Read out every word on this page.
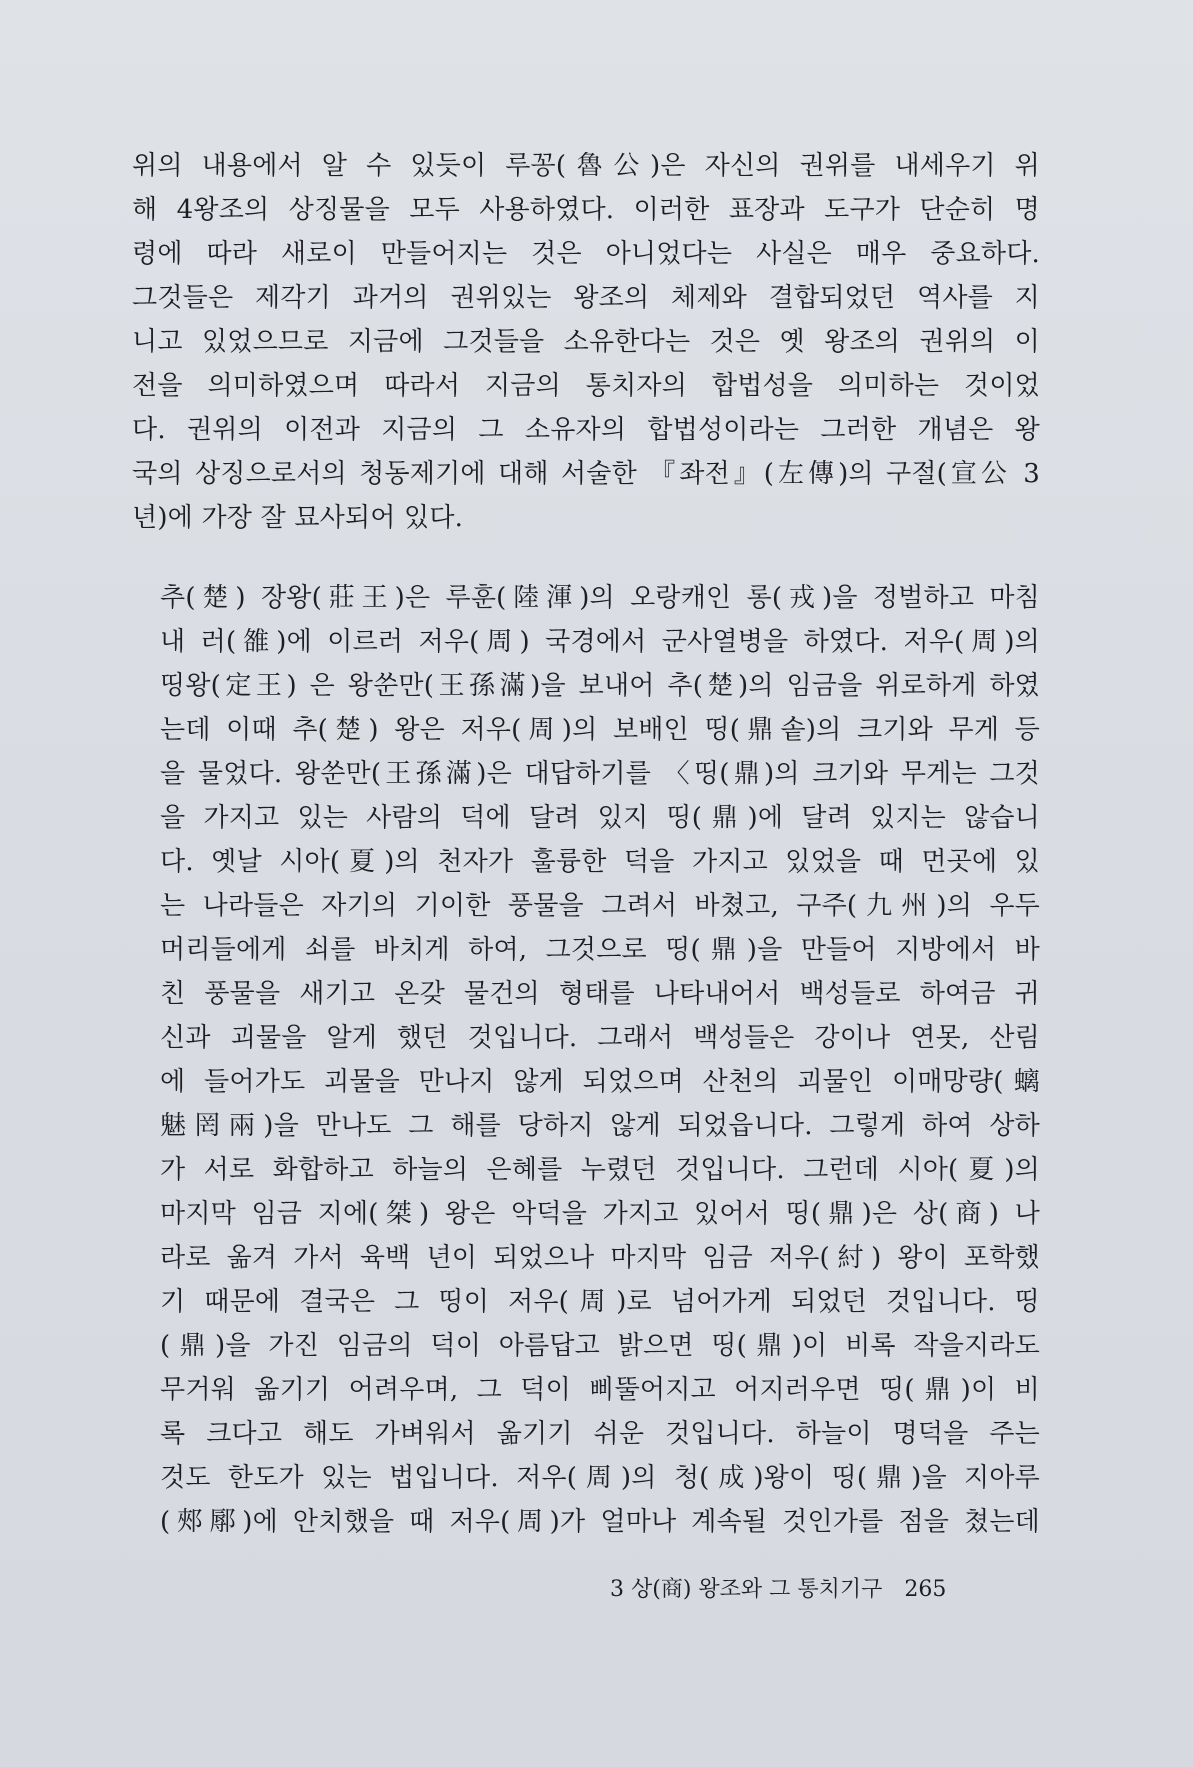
위의 내용에서 알 수 있듯이 루꽁(魯公)은 자신의 권위를 내세우기 위
해 4왕조의 상징물을 모두 사용하였다. 이러한 표장과 도구가 단순히 명
령에 따라 새로이 만들어지는 것은 아니었다는 사실은 매우 중요하다.
그것들은 제각기 과거의 권위있는 왕조의 체제와 결합되었던 역사를 지
니고 있었으므로 지금에 그것들을 소유한다는 것은 옛 왕조의 권위의 이
전을 의미하였으며 따라서 지금의 통치자의 합법성을 의미하는 것이었
다. 권위의 이전과 지금의 그 소유자의 합법성이라는 그러한 개념은 왕
국의 상징으로서의 청동제기에 대해 서술한 『좌전』(左傳)의 구절(宣公 3
년)에 가장 잘 묘사되어 있다.
추(楚) 장왕(莊王)은 루훈(陸渾)의 오랑캐인 롱(戎)을 정벌하고 마침
내 러(雒)에 이르러 저우(周) 국경에서 군사열병을 하였다. 저우(周)의
띵왕(定王) 은 왕쑨만(王孫滿)을 보내어 추(楚)의 임금을 위로하게 하였
는데 이때 추(楚) 왕은 저우(周)의 보배인 띵(鼎솥)의 크기와 무게 등
을 물었다. 왕쑨만(王孫滿)은 대답하기를 〈띵(鼎)의 크기와 무게는 그것
을 가지고 있는 사람의 덕에 달려 있지 띵(鼎)에 달려 있지는 않습니
다. 옛날 시아(夏)의 천자가 훌륭한 덕을 가지고 있었을 때 먼곳에 있
는 나라들은 자기의 기이한 풍물을 그려서 바쳤고, 구주(九州)의 우두
머리들에게 쇠를 바치게 하여, 그것으로 띵(鼎)을 만들어 지방에서 바
친 풍물을 새기고 온갖 물건의 형태를 나타내어서 백성들로 하여금 귀
신과 괴물을 알게 했던 것입니다. 그래서 백성들은 강이나 연못, 산림
에 들어가도 괴물을 만나지 않게 되었으며 산천의 괴물인 이매망량(螭
魅罔兩)을 만나도 그 해를 당하지 않게 되었읍니다. 그렇게 하여 상하
가 서로 화합하고 하늘의 은혜를 누렸던 것입니다. 그런데 시아(夏)의
마지막 임금 지에(桀) 왕은 악덕을 가지고 있어서 띵(鼎)은 상(商) 나
라로 옮겨 가서 육백 년이 되었으나 마지막 임금 저우(紂) 왕이 포학했
기 때문에 결국은 그 띵이 저우(周)로 넘어가게 되었던 것입니다. 띵
(鼎)을 가진 임금의 덕이 아름답고 밝으면 띵(鼎)이 비록 작을지라도
무거워 옮기기 어려우며, 그 덕이 삐뚤어지고 어지러우면 띵(鼎)이 비
록 크다고 해도 가벼워서 옮기기 쉬운 것입니다. 하늘이 명덕을 주는
것도 한도가 있는 법입니다. 저우(周)의 청(成)왕이 띵(鼎)을 지아루
(郟鄏)에 안치했을 때 저우(周)가 얼마나 계속될 것인가를 점을 쳤는데
3 상(商) 왕조와 그 통치기구 265
